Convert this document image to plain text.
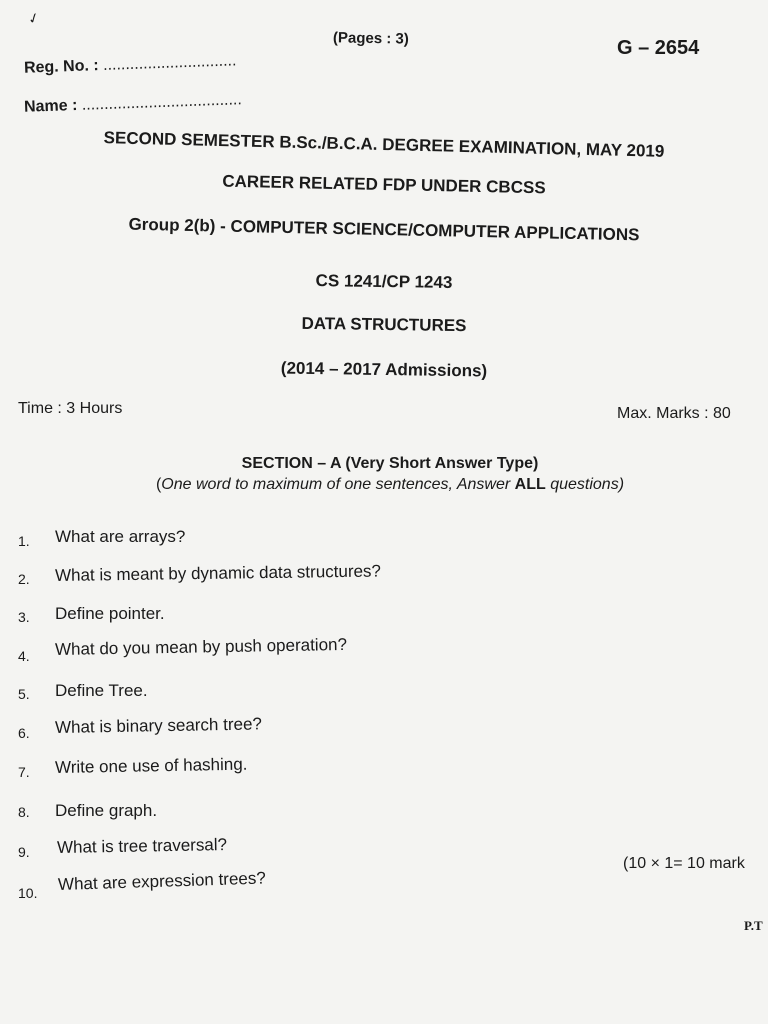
✓
(Pages : 3)	G – 2654
Reg. No. : ..............................
Name : ....................................
SECOND SEMESTER B.Sc./B.C.A. DEGREE EXAMINATION, MAY 2019
CAREER RELATED FDP UNDER CBCSS
Group 2(b) - COMPUTER SCIENCE/COMPUTER APPLICATIONS
CS 1241/CP 1243
DATA STRUCTURES
(2014 – 2017 Admissions)
Time : 3 Hours	Max. Marks : 80
SECTION – A (Very Short Answer Type)
(One word to maximum of one sentences, Answer ALL questions)
1. What are arrays?
2. What is meant by dynamic data structures?
3. Define pointer.
4. What do you mean by push operation?
5. Define Tree.
6. What is binary search tree?
7. Write one use of hashing.
8. Define graph.
9. What is tree traversal?
10. What are expression trees?
(10 × 1= 10 mark
P.T
